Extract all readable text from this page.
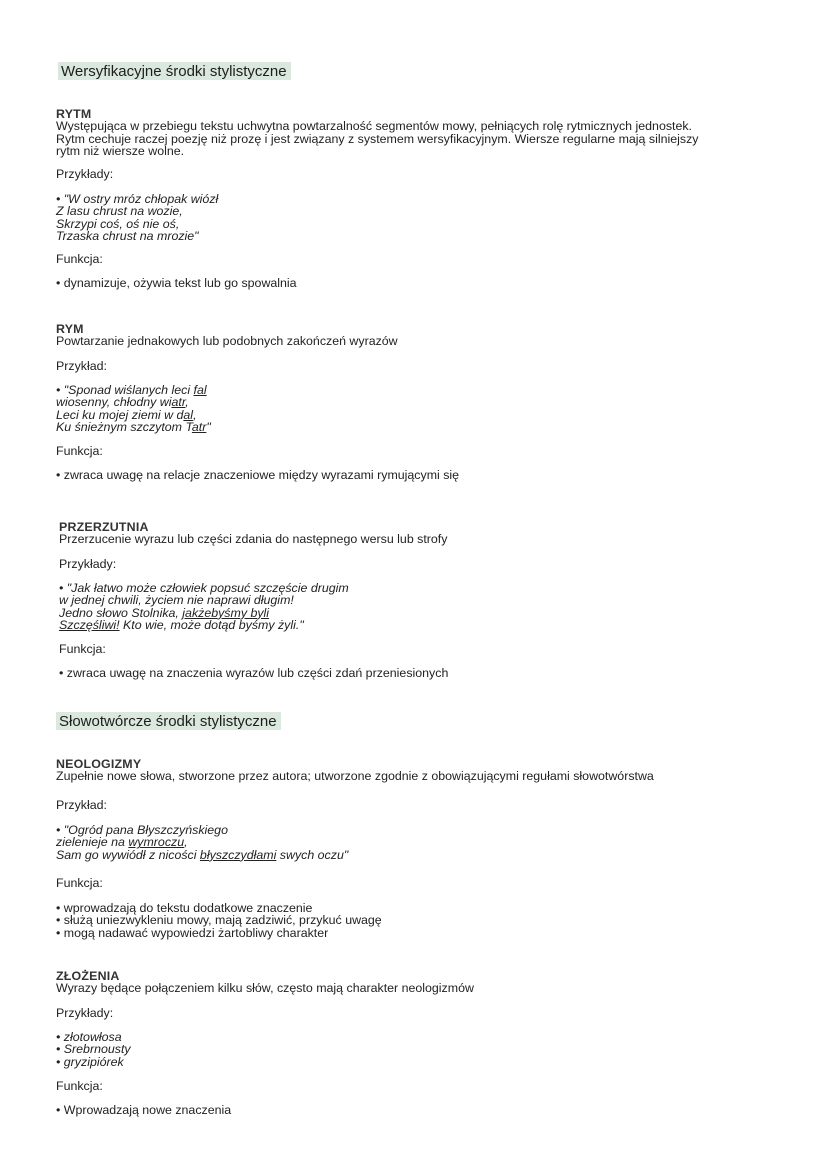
Wersyfikacyjne środki stylistyczne
RYTM
Występująca w przebiegu tekstu uchwytna powtarzalność segmentów mowy, pełniących rolę rytmicznych jednostek.
Rytm cechuje raczej poezję niż prozę i jest związany z systemem wersyfikacyjnym. Wiersze regularne mają silniejszy
rytm niż wiersze wolne.
Przykłady:
• "W ostry mróz chłopak wiózł
Z lasu chrust na wozie,
Skrzypi coś, oś nie oś,
Trzaska chrust na mrozie"
Funkcja:
• dynamizuje, ożywia tekst lub go spowalnia
RYM
Powtarzanie jednakowych lub podobnych zakończeń wyrazów
Przykład:
• "Sponad wiślanych leci fal
wiosenny, chłodny wiatr,
Leci ku mojej ziemi w dal,
Ku śnieżnym szczytom Tatr"
Funkcja:
• zwraca uwagę na relacje znaczeniowe między wyrazami rymującymi się
PRZERZUTNIA
Przerzucenie wyrazu lub części zdania do następnego wersu lub strofy
Przykłady:
• "Jak łatwo może człowiek popsuć szczęście drugim
w jednej chwili, życiem nie naprawi długim!
Jedno słowo Stolnika, jakżebyśmy byli
Szczęśliwi! Kto wie, może dotąd byśmy żyli."
Funkcja:
• zwraca uwagę na znaczenia wyrazów lub części zdań przeniesionych
Słowotwórcze środki stylistyczne
NEOLOGIZMY
Zupełnie nowe słowa, stworzone przez autora; utworzone zgodnie z obowiązującymi regułami słowotwórstwa
Przykład:
• "Ogród pana Błyszczyńskiego
zielenieje na wymroczu,
Sam go wywiódł z nicości błyszczydłami swych oczu"
Funkcja:
• wprowadzają do tekstu dodatkowe znaczenie
• służą uniezwykleniu mowy, mają zadziwić, przykuć uwagę
• mogą nadawać wypowiedzi żartobliwy charakter
ZŁOŻENIA
Wyrazy będące połączeniem kilku słów, często mają charakter neologizmów
Przykłady:
• złotowłosa
• Srebrnousty
• gryzipiórek
Funkcja:
• Wprowadzają nowe znaczenia
